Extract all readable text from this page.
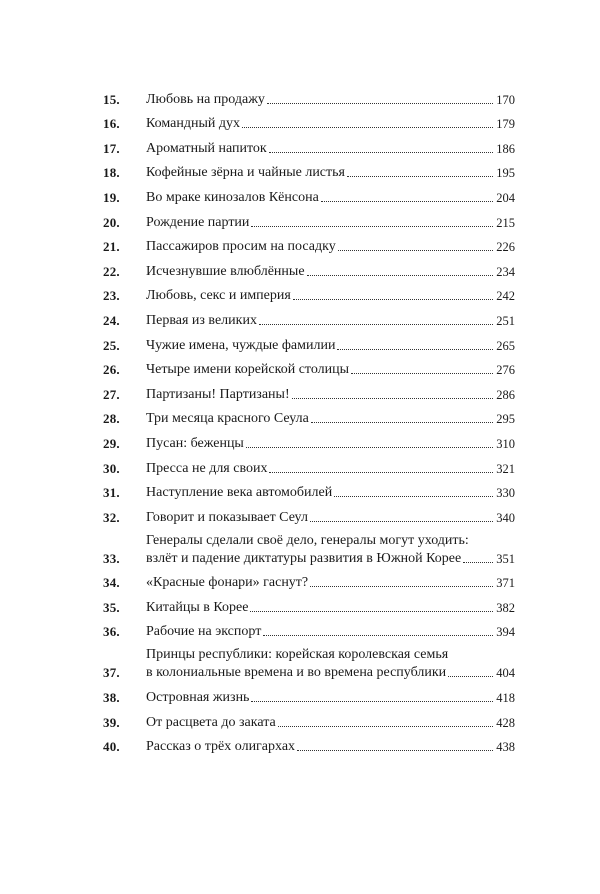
15. Любовь на продажу	170
16. Командный дух	179
17. Ароматный напиток	186
18. Кофейные зёрна и чайные листья	195
19. Во мраке кинозалов Кёнсона	204
20. Рождение партии	215
21. Пассажиров просим на посадку	226
22. Исчезнувшие влюблённые	234
23. Любовь, секс и империя	242
24. Первая из великих	251
25. Чужие имена, чуждые фамилии	265
26. Четыре имени корейской столицы	276
27. Партизаны! Партизаны!	286
28. Три месяца красного Сеула	295
29. Пусан: беженцы	310
30. Пресса не для своих	321
31. Наступление века автомобилей	330
32. Говорит и показывает Сеул	340
33.
Генералы сделали своё дело, генералы могут уходить:
взлёт и падение диктатуры развития в Южной Корее	351
34. «Красные фонари» гаснут?	371
35. Китайцы в Корее	382
36. Рабочие на экспорт	394
37.
Принцы республики: корейская королевская семья
в колониальные времена и во времена республики	404
38. Островная жизнь	418
39. От расцвета до заката	428
40. Рассказ о трёх олигархах	438
